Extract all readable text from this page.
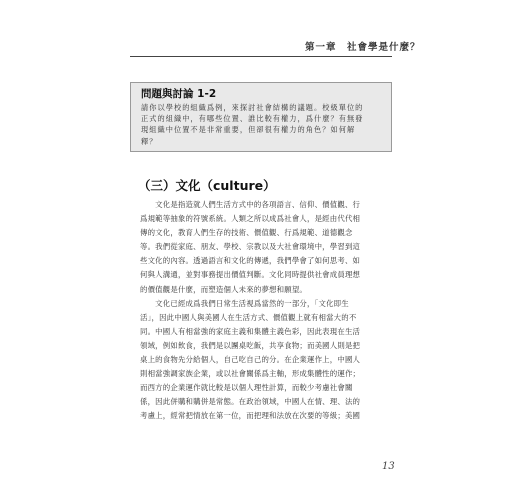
第一章　社會學是什麼？
問題與討論 1-2
請你以學校的組織爲例，來探討社會結構的議題。校級單位的
正式的組織中，有哪些位置、誰比較有權力，爲什麼？有無發
現組織中位置不是非常重要，但卻很有權力的角色？如何解
釋？
（三）文化（culture）
　　文化是指造就人們生活方式中的各項語言、信仰、價值觀、行
爲規範等抽象的符號系統。人類之所以成爲社會人，是經由代代相
傳的文化，教育人們生存的技術、價值觀、行爲規範、道德觀念
等。我們從家庭、朋友、學校、宗教以及大社會環境中，學習到這
些文化的內容。透過語言和文化的傳遞，我們學會了如何思考、如
何與人溝通，並對事務提出價值判斷。文化同時提供社會成員理想
的價值觀是什麼，而塑造個人未來的夢想和願望。
　　文化已經成爲我們日常生活視爲當然的一部分，「文化即生
活」，因此中國人與美國人在生活方式、價值觀上就有相當大的不
同。中國人有相當強的家庭主義和集體主義色彩，因此表現在生活
領域，例如飲食，我們是以團桌吃飯，共享食物；而美國人則是把
桌上的食物先分給個人，自己吃自己的分。在企業運作上，中國人
則相當強調家族企業，或以社會關係爲主軸，形成集體性的運作；
而西方的企業運作就比較是以個人理性計算，而較少考慮社會關
係，因此併購和購併是常態。在政治領域，中國人在情、理、法的
考慮上，經常把情放在第一位，而把理和法放在次要的等級；美國
13
